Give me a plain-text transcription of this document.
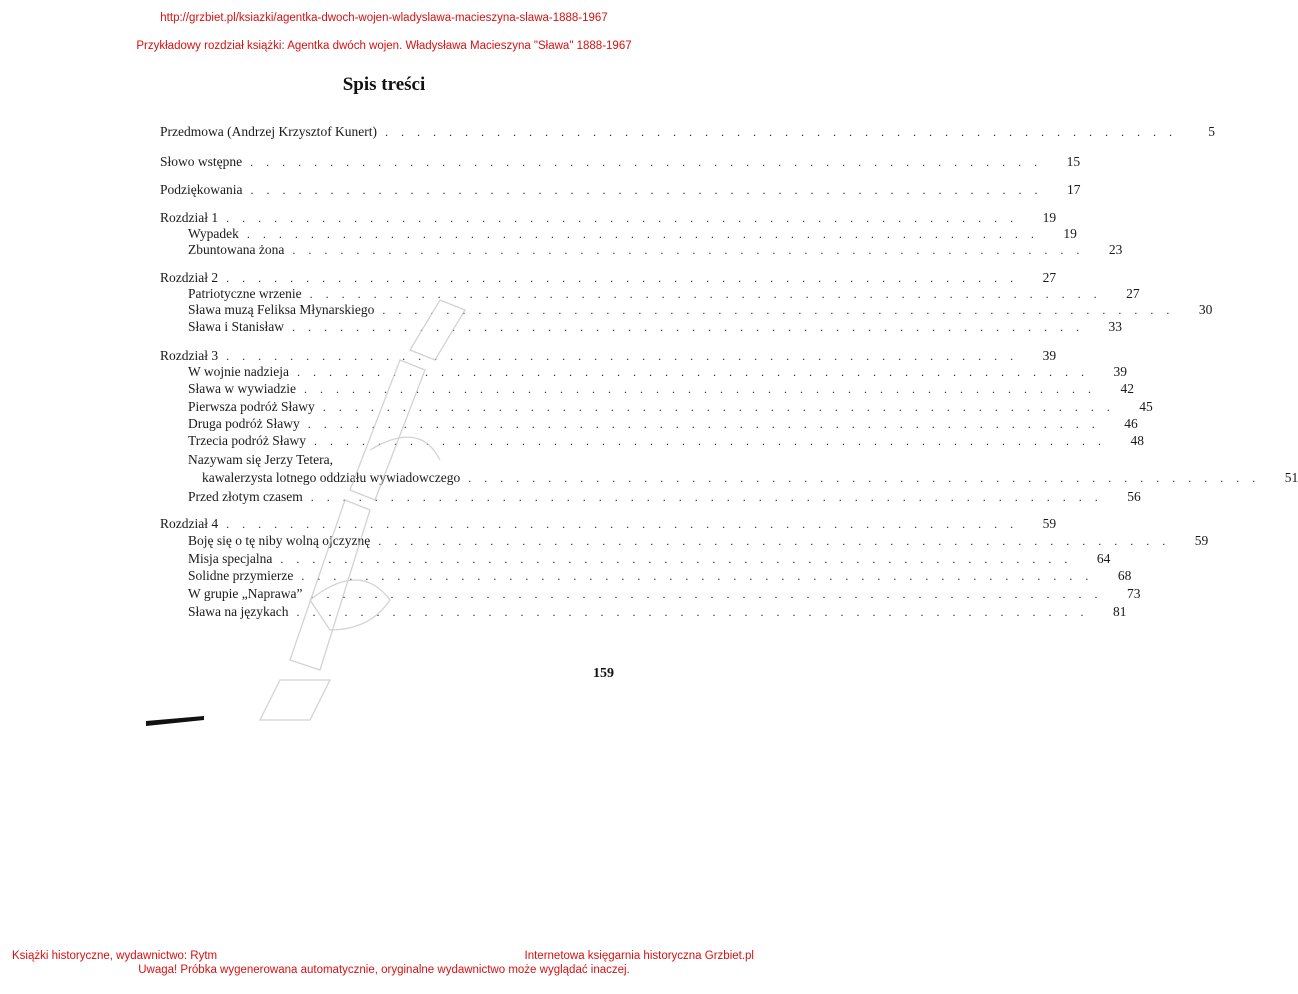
http://grzbiet.pl/ksiazki/agentka-dwoch-wojen-wladyslawa-macieszyna-slawa-1888-1967
Przykładowy rozdział książki: Agentka dwóch wojen. Władysława Macieszyna "Sława" 1888-1967
Spis treści
Przedmowa (Andrzej Krzysztof Kunert) . . . . . . . . . . . . . . . . . . . . . . . . . . . . . . . . . . . . . . . . . . . . . . . . . .	5
Słowo wstępne . . . . . . . . . . . . . . . . . . . . . . . . . . . . . . . . . . . . . . . . . . . . . . . . . .	15
Podziękowania . . . . . . . . . . . . . . . . . . . . . . . . . . . . . . . . . . . . . . . . . . . . . . . . . .	17
Rozdział 1 . . . . . . . . . . . . . . . . . . . . . . . . . . . . . . . . . . . . . . . . . . . . . . . . . .	19
Wypadek . . . . . . . . . . . . . . . . . . . . . . . . . . . . . . . . . . . . . . . . . . . . . . . . . .	19
Zbuntowana żona . . . . . . . . . . . . . . . . . . . . . . . . . . . . . . . . . . . . . . . . . . . . . . . . . .	23
Rozdział 2 . . . . . . . . . . . . . . . . . . . . . . . . . . . . . . . . . . . . . . . . . . . . . . . . . .	27
Patriotyczne wrzenie . . . . . . . . . . . . . . . . . . . . . . . . . . . . . . . . . . . . . . . . . . . . . . . . . .	27
Sława muzą Feliksa Młynarskiego . . . . . . . . . . . . . . . . . . . . . . . . . . . . . . . . . . . . . . . . . . . . . . . . . .	30
Sława i Stanisław . . . . . . . . . . . . . . . . . . . . . . . . . . . . . . . . . . . . . . . . . . . . . . . . . .	33
Rozdział 3 . . . . . . . . . . . . . . . . . . . . . . . . . . . . . . . . . . . . . . . . . . . . . . . . . .	39
W wojnie nadzieja . . . . . . . . . . . . . . . . . . . . . . . . . . . . . . . . . . . . . . . . . . . . . . . . . .	39
Sława w wywiadzie . . . . . . . . . . . . . . . . . . . . . . . . . . . . . . . . . . . . . . . . . . . . . . . . . .	42
Pierwsza podróż Sławy . . . . . . . . . . . . . . . . . . . . . . . . . . . . . . . . . . . . . . . . . . . . . . . . . .	45
Druga podróż Sławy . . . . . . . . . . . . . . . . . . . . . . . . . . . . . . . . . . . . . . . . . . . . . . . . . .	46
Trzecia podróż Sławy . . . . . . . . . . . . . . . . . . . . . . . . . . . . . . . . . . . . . . . . . . . . . . . . . .	48
Nazywam się Jerzy Tetera,
kawalerzysta lotnego oddziału wywiadowczego . . . . . . . . . . . . . . . . . . . . . . . . . . . . . . . . . . . . . . . . . . . . . . . . . .	51
Przed złotym czasem . . . . . . . . . . . . . . . . . . . . . . . . . . . . . . . . . . . . . . . . . . . . . . . . . .	56
Rozdział 4 . . . . . . . . . . . . . . . . . . . . . . . . . . . . . . . . . . . . . . . . . . . . . . . . . .	59
Boję się o tę niby wolną ojczyznę . . . . . . . . . . . . . . . . . . . . . . . . . . . . . . . . . . . . . . . . . . . . . . . . . .	59
Misja specjalna . . . . . . . . . . . . . . . . . . . . . . . . . . . . . . . . . . . . . . . . . . . . . . . . . .	64
Solidne przymierze . . . . . . . . . . . . . . . . . . . . . . . . . . . . . . . . . . . . . . . . . . . . . . . . . .	68
W grupie „Naprawa” . . . . . . . . . . . . . . . . . . . . . . . . . . . . . . . . . . . . . . . . . . . . . . . . . .	73
Sława na językach . . . . . . . . . . . . . . . . . . . . . . . . . . . . . . . . . . . . . . . . . . . . . . . . . .	81
159
Książki historyczne, wydawnictwo: Rytm	Internetowa księgarnia historyczna Grzbiet.pl
Uwaga! Próbka wygenerowana automatycznie, oryginalne wydawnictwo może wyglądać inaczej.
